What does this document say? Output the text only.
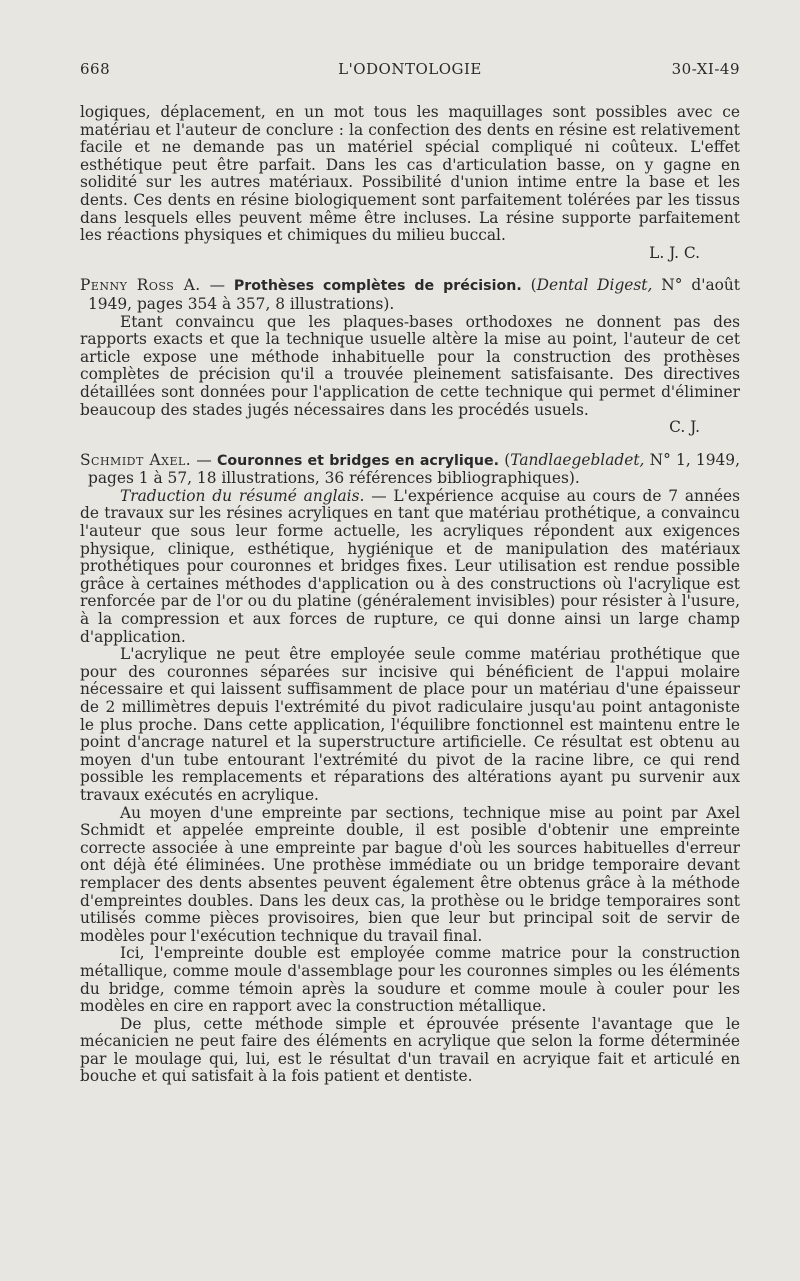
668	L'ODONTOLOGIE	30-XI-49

logiques, déplacement, en un mot tous les maquillages sont possibles avec ce matériau et l'auteur de conclure : la confection des dents en résine est relativement facile et ne demande pas un matériel spécial compliqué ni coûteux. L'effet esthétique peut être parfait. Dans les cas d'articulation basse, on y gagne en solidité sur les autres matériaux. Possibilité d'union intime entre la base et les dents. Ces dents en résine biologiquement sont parfaitement tolérées par les tissus dans lesquels elles peuvent même être incluses. La résine supporte parfaitement les réactions physiques et chimiques du milieu buccal.

L. J. C.

Penny Ross A. — Prothèses complètes de précision. (Dental Digest, N° d'août 1949, pages 354 à 357, 8 illustrations).

Etant convaincu que les plaques-bases orthodoxes ne donnent pas des rapports exacts et que la technique usuelle altère la mise au point, l'auteur de cet article expose une méthode inhabituelle pour la construction des prothèses complètes de précision qu'il a trouvée pleinement satisfaisante. Des directives détaillées sont données pour l'application de cette technique qui permet d'éliminer beaucoup des stades jugés nécessaires dans les procédés usuels.

C. J.

Schmidt Axel. — Couronnes et bridges en acrylique. (Tandlaegebladet, N° 1, 1949, pages 1 à 57, 18 illustrations, 36 références bibliographiques).

Traduction du résumé anglais. — L'expérience acquise au cours de 7 années de travaux sur les résines acryliques en tant que matériau prothétique, a convaincu l'auteur que sous leur forme actuelle, les acryliques répondent aux exigences physique, clinique, esthétique, hygiénique et de manipulation des matériaux prothétiques pour couronnes et bridges fixes. Leur utilisation est rendue possible grâce à certaines méthodes d'application ou à des constructions où l'acrylique est renforcée par de l'or ou du platine (généralement invisibles) pour résister à l'usure, à la compression et aux forces de rupture, ce qui donne ainsi un large champ d'application.

L'acrylique ne peut être employée seule comme matériau prothétique que pour des couronnes séparées sur incisive qui bénéficient de l'appui molaire nécessaire et qui laissent suffisamment de place pour un matériau d'une épaisseur de 2 millimètres depuis l'extrémité du pivot radiculaire jusqu'au point antagoniste le plus proche. Dans cette application, l'équilibre fonctionnel est maintenu entre le point d'ancrage naturel et la superstructure artificielle. Ce résultat est obtenu au moyen d'un tube entourant l'extrémité du pivot de la racine libre, ce qui rend possible les remplacements et réparations des altérations ayant pu survenir aux travaux exécutés en acrylique.

Au moyen d'une empreinte par sections, technique mise au point par Axel Schmidt et appelée empreinte double, il est posible d'obtenir une empreinte correcte associée à une empreinte par bague d'où les sources habituelles d'erreur ont déjà été éliminées. Une prothèse immédiate ou un bridge temporaire devant remplacer des dents absentes peuvent également être obtenus grâce à la méthode d'empreintes doubles. Dans les deux cas, la prothèse ou le bridge temporaires sont utilisés comme pièces provisoires, bien que leur but principal soit de servir de modèles pour l'exécution technique du travail final.

Ici, l'empreinte double est employée comme matrice pour la construction métallique, comme moule d'assemblage pour les couronnes simples ou les éléments du bridge, comme témoin après la soudure et comme moule à couler pour les modèles en cire en rapport avec la construction métallique.

De plus, cette méthode simple et éprouvée présente l'avantage que le mécanicien ne peut faire des éléments en acrylique que selon la forme déterminée par le moulage qui, lui, est le résultat d'un travail en acryique fait et articulé en bouche et qui satisfait à la fois patient et dentiste.
